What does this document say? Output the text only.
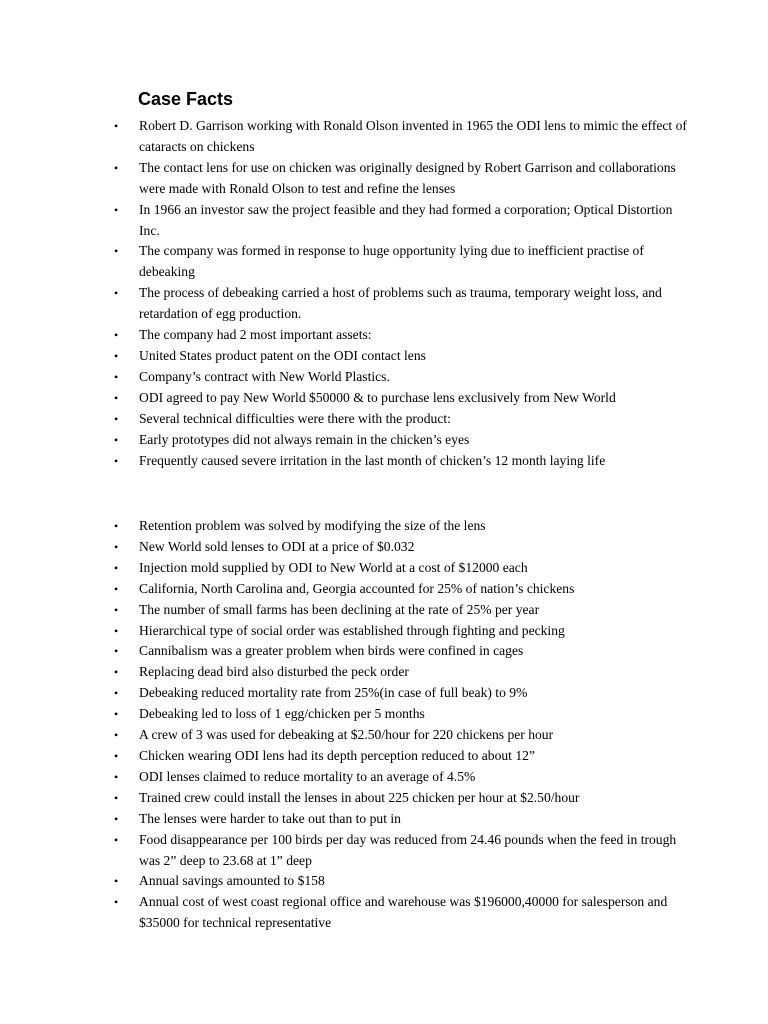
Case Facts
• Robert D. Garrison working with Ronald Olson invented in 1965 the ODI lens to mimic the effect of cataracts on chickens
• The contact lens for use on chicken was originally designed by Robert Garrison and collaborations were made with Ronald Olson to test and refine the lenses
• In 1966 an investor saw the project feasible and they had formed a corporation; Optical Distortion Inc.
• The company was formed in response to huge opportunity lying due to inefficient practise of debeaking
• The process of debeaking carried a host of problems such as trauma, temporary weight loss, and retardation of egg production.
• The company had 2 most important assets:
• United States product patent on the ODI contact lens
• Company’s contract with New World Plastics.
• ODI agreed to pay New World $50000 & to purchase lens exclusively from New World
• Several technical difficulties were there with the product:
• Early prototypes did not always remain in the chicken’s eyes
• Frequently caused severe irritation in the last month of chicken’s 12 month laying life
• Retention problem was solved by modifying the size of the lens
• New World sold lenses to ODI at a price of $0.032
• Injection mold supplied by ODI to New World at a cost of $12000 each
• California, North Carolina and, Georgia accounted for 25% of nation’s chickens
• The number of small farms has been declining at the rate of 25% per year
• Hierarchical type of social order was established through fighting and pecking
• Cannibalism was a greater problem when birds were confined in cages
• Replacing dead bird also disturbed the peck order
• Debeaking reduced mortality rate from 25%(in case of full beak) to 9%
• Debeaking led to loss of 1 egg/chicken per 5 months
• A crew of 3 was used for debeaking at $2.50/hour for 220 chickens per hour
• Chicken wearing ODI lens had its depth perception reduced to about 12”
• ODI lenses claimed to reduce mortality to an average of 4.5%
• Trained crew could install the lenses in about 225 chicken per hour at $2.50/hour
• The lenses were harder to take out than to put in
• Food disappearance per 100 birds per day was reduced from 24.46 pounds when the feed in trough was 2” deep to 23.68 at 1” deep
• Annual savings amounted to $158
• Annual cost of west coast regional office and warehouse was $196000,40000 for salesperson and $35000 for technical representative
